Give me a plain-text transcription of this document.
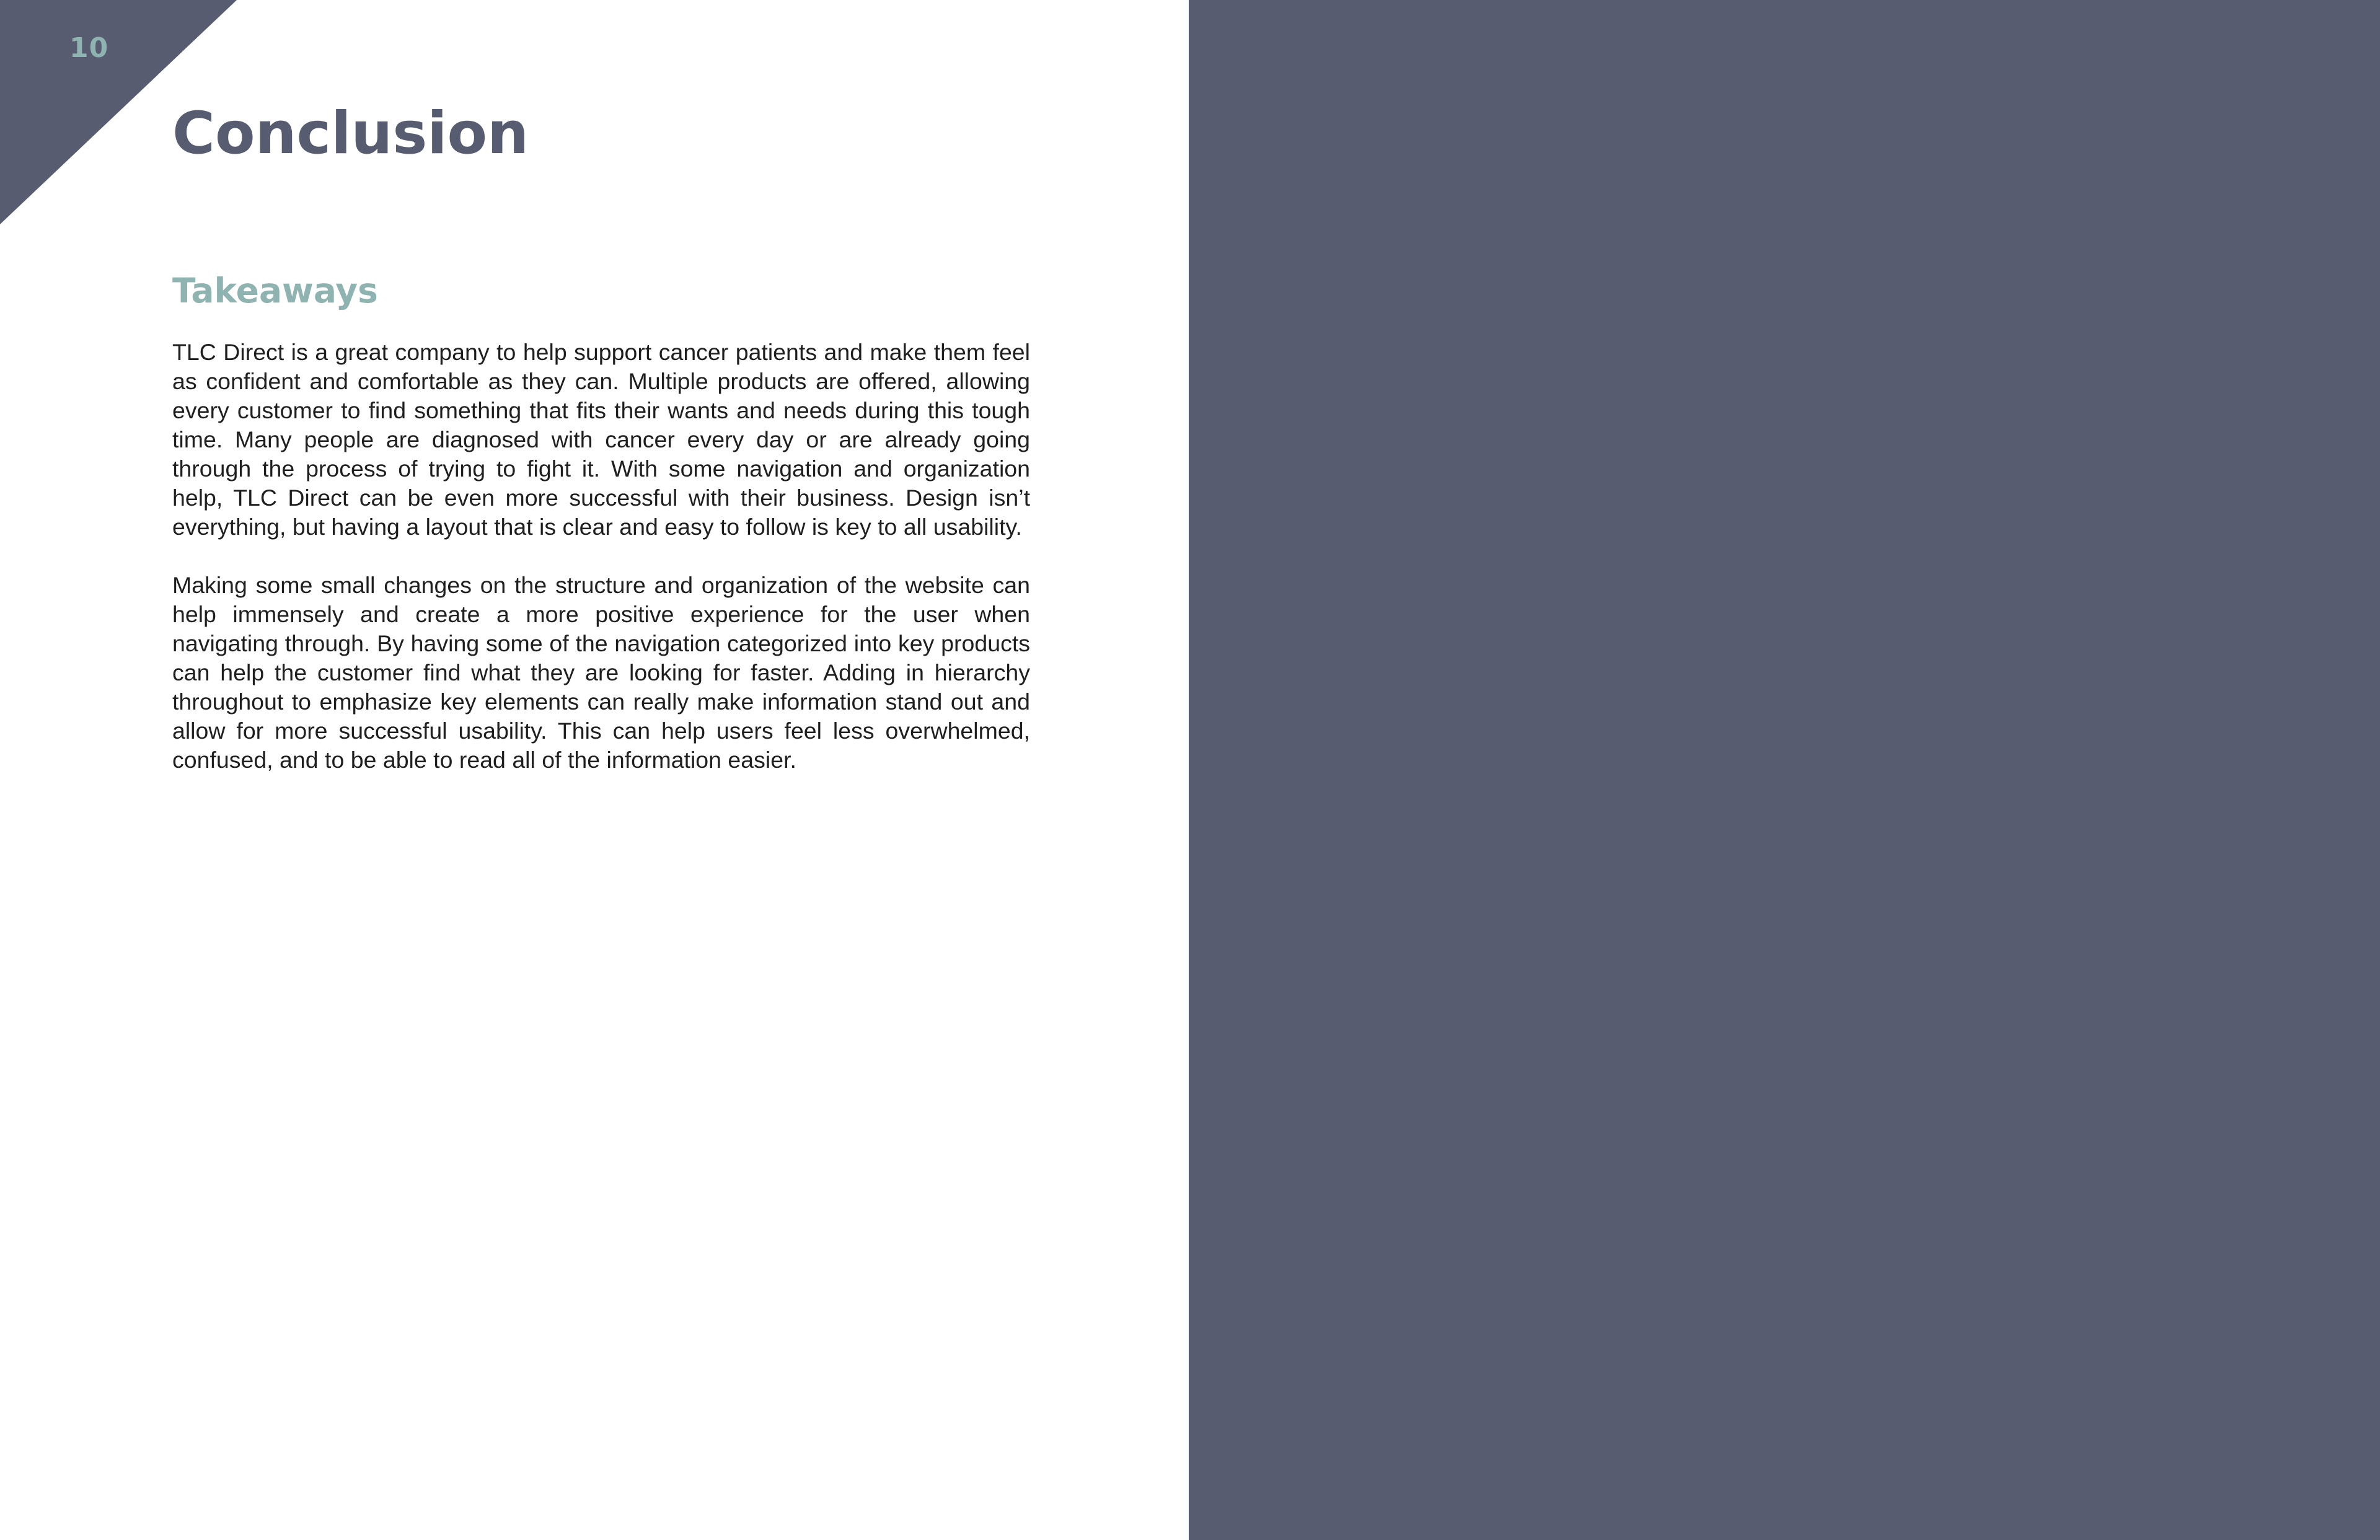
10
Conclusion
Takeaways

TLC Direct is a great company to help support cancer patients and make them feel as confident and comfortable as they can. Multiple products are offered, allowing every customer to find something that fits their wants and needs during this tough time. Many people are diagnosed with cancer every day or are already going through the process of trying to fight it. With some navigation and organization help, TLC Direct can be even more successful with their business. Design isn’t everything, but having a layout that is clear and easy to follow is key to all usability.

Making some small changes on the structure and organization of the website can help immensely and create a more positive experience for the user when navigating through. By having some of the navigation categorized into key products can help the customer find what they are looking for faster. Adding in hierarchy throughout to emphasize key elements can really make information stand out and allow for more successful usability. This can help users feel less overwhelmed, confused, and to be able to read all of the information easier.
